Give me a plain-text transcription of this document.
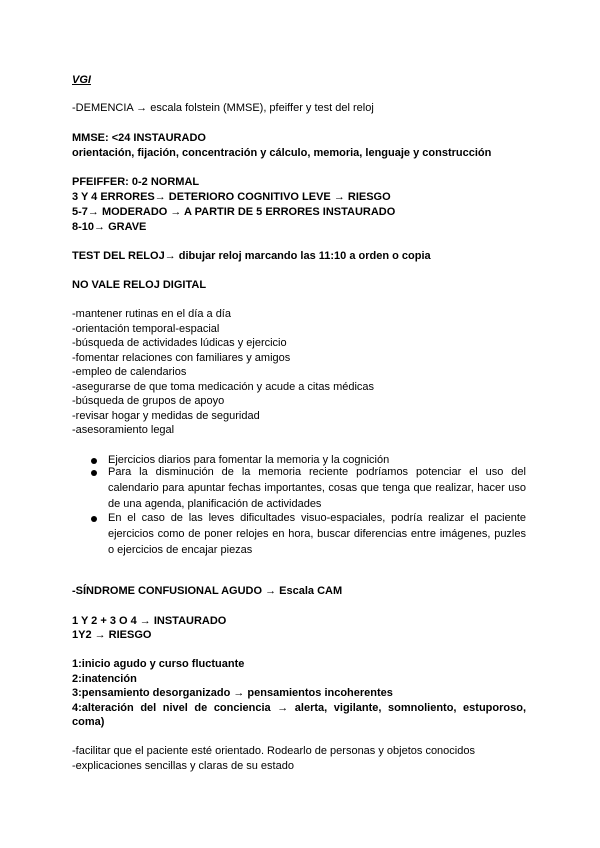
VGI

-DEMENCIA → escala folstein (MMSE), pfeiffer y test del reloj

MMSE: <24 INSTAURADO

orientación, fijación, concentración y cálculo, memoria, lenguaje y construcción

PFEIFFER: 0-2 NORMAL

3 Y 4 ERRORES→ DETERIORO COGNITIVO LEVE → RIESGO

5-7→ MODERADO → A PARTIR DE 5 ERRORES INSTAURADO

8-10→ GRAVE

TEST DEL RELOJ→ dibujar reloj marcando las 11:10 a orden o copia

NO VALE RELOJ DIGITAL

-mantener rutinas en el día a día

-orientación temporal-espacial

-búsqueda de actividades lúdicas y ejercicio

-fomentar relaciones con familiares y amigos

-empleo de calendarios

-asegurarse de que toma medicación y acude a citas médicas

-búsqueda de grupos de apoyo

-revisar hogar y medidas de seguridad

-asesoramiento legal

Ejercicios diarios para fomentar la memoria y la cognición

Para la disminución de la memoria reciente podríamos potenciar el uso del calendario para apuntar fechas importantes, cosas que tenga que realizar, hacer uso de una agenda, planificación de actividades

En el caso de las leves dificultades visuo-espaciales, podría realizar el paciente ejercicios como de poner relojes en hora, buscar diferencias entre imágenes, puzles o ejercicios de encajar piezas

-SÍNDROME CONFUSIONAL AGUDO → Escala CAM

1 Y 2 + 3 O 4 → INSTAURADO

1Y2 → RIESGO

1:inicio agudo y curso fluctuante

2:inatención

3:pensamiento desorganizado → pensamientos incoherentes

4:alteración del nivel de conciencia → alerta, vigilante, somnoliento, estuporoso, coma)

-facilitar que el paciente esté orientado. Rodearlo de personas y objetos conocidos

-explicaciones sencillas y claras de su estado
